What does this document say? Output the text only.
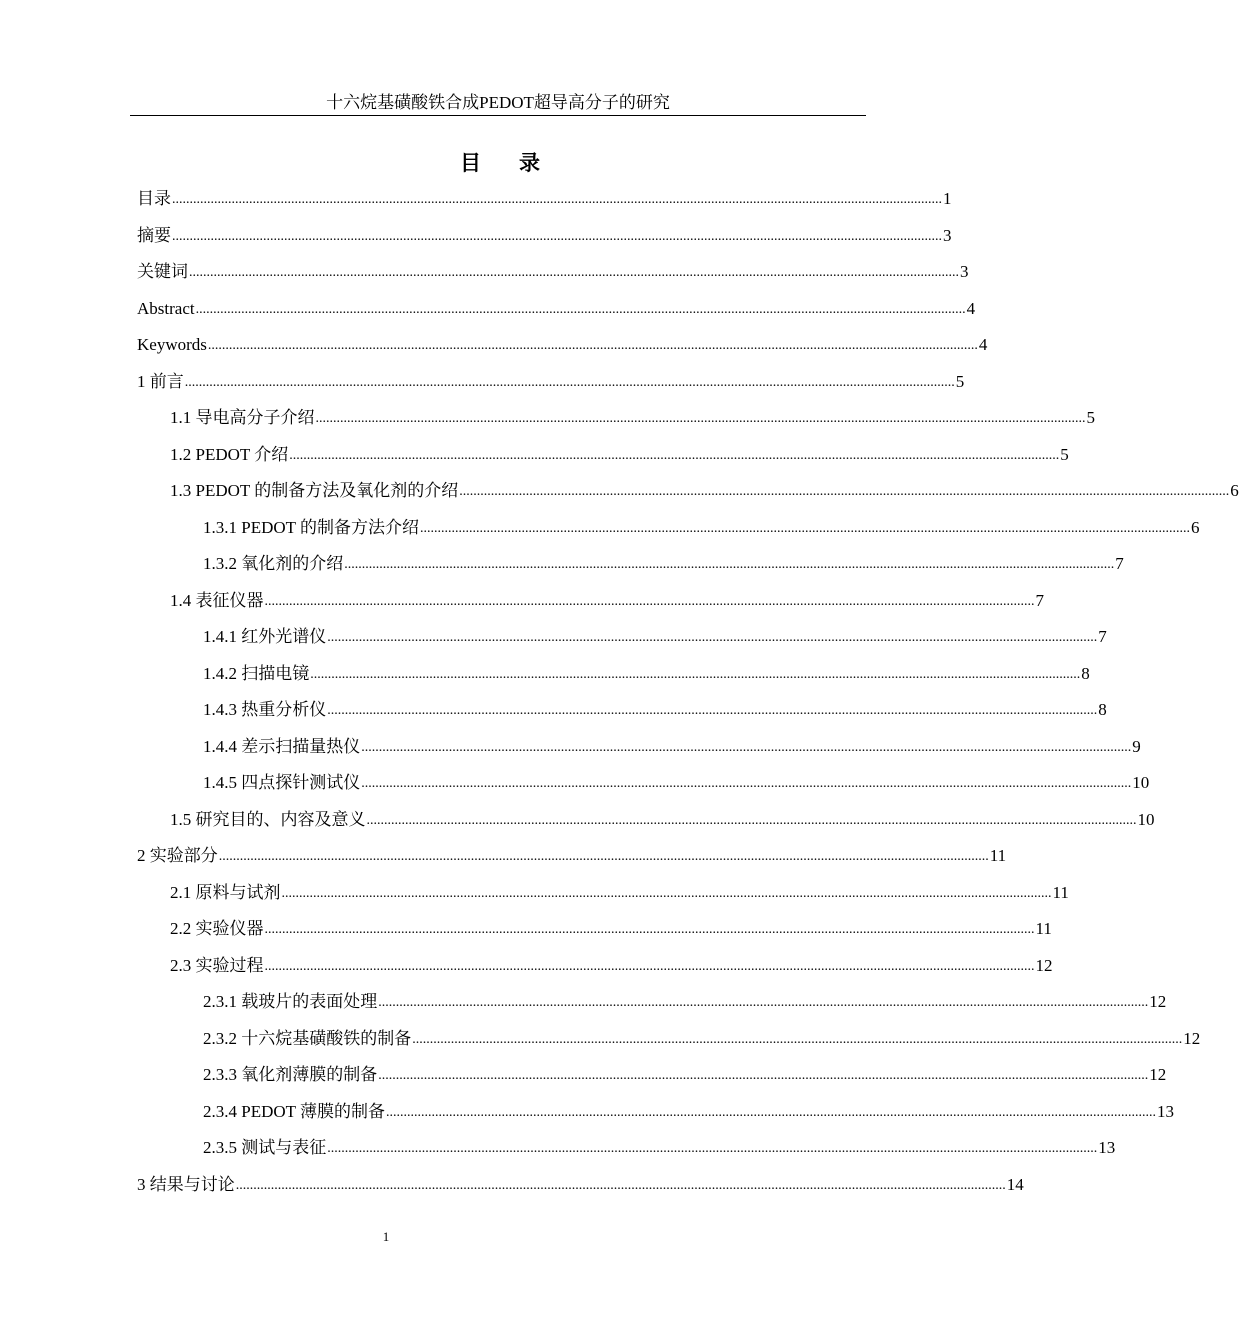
十六烷基磺酸铁合成PEDOT超导高分子的研究
目 录
目录 ............................................................................................................................................................................................................................ 1
摘要 ............................................................................................................................................................................................................................ 3
关键词 ............................................................................................................................................................................................................................ 3
Abstract ............................................................................................................................................................................................................................ 4
Keywords ............................................................................................................................................................................................................................ 4
1 前言 ............................................................................................................................................................................................................................ 5
1.1 导电高分子介绍 ............................................................................................................................................................................................................................ 5
1.2 PEDOT 介绍 ............................................................................................................................................................................................................................ 5
1.3 PEDOT 的制备方法及氧化剂的介绍 ............................................................................................................................................................................................................................ 6
1.3.1 PEDOT 的制备方法介绍 ............................................................................................................................................................................................................................ 6
1.3.2 氧化剂的介绍 ............................................................................................................................................................................................................................ 7
1.4 表征仪器 ............................................................................................................................................................................................................................ 7
1.4.1 红外光谱仪 ............................................................................................................................................................................................................................ 7
1.4.2 扫描电镜 ............................................................................................................................................................................................................................ 8
1.4.3 热重分析仪 ............................................................................................................................................................................................................................ 8
1.4.4 差示扫描量热仪 ............................................................................................................................................................................................................................ 9
1.4.5 四点探针测试仪 ............................................................................................................................................................................................................................ 10
1.5 研究目的、内容及意义 ............................................................................................................................................................................................................................ 10
2 实验部分 ............................................................................................................................................................................................................................ 11
2.1 原料与试剂 ............................................................................................................................................................................................................................ 11
2.2 实验仪器 ............................................................................................................................................................................................................................ 11
2.3 实验过程 ............................................................................................................................................................................................................................ 12
2.3.1 载玻片的表面处理 ............................................................................................................................................................................................................................ 12
2.3.2 十六烷基磺酸铁的制备 ............................................................................................................................................................................................................................ 12
2.3.3 氧化剂薄膜的制备 ............................................................................................................................................................................................................................ 12
2.3.4 PEDOT 薄膜的制备 ............................................................................................................................................................................................................................ 13
2.3.5 测试与表征 ............................................................................................................................................................................................................................ 13
3 结果与讨论 ............................................................................................................................................................................................................................ 14
1
